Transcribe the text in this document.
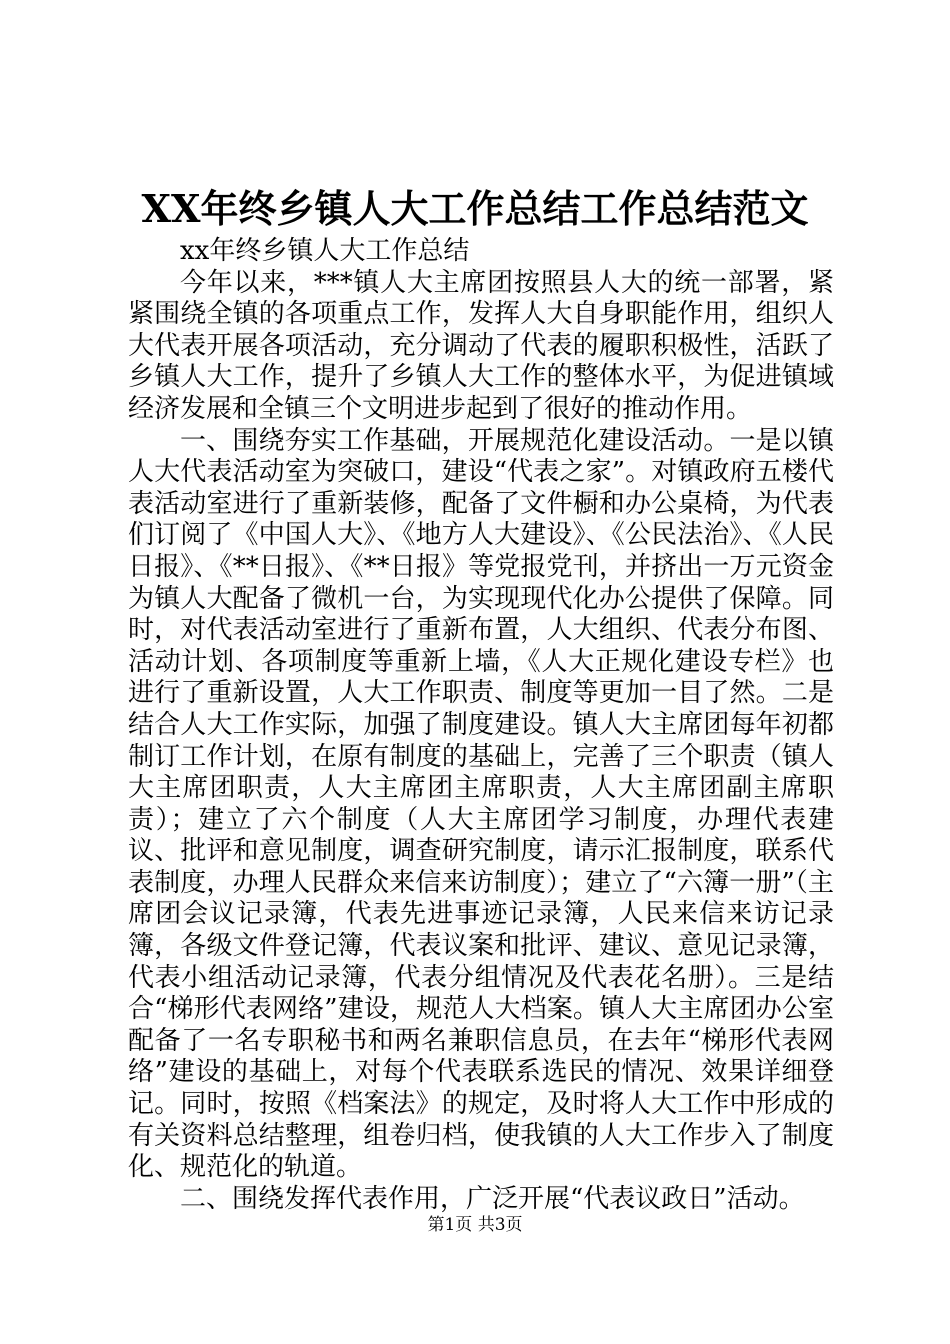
XX年终乡镇人大工作总结工作总结范文

xx年终乡镇人大工作总结

今年以来，***镇人大主席团按照县人大的统一部署，紧紧围绕全镇的各项重点工作，发挥人大自身职能作用，组织人大代表开展各项活动，充分调动了代表的履职积极性，活跃了乡镇人大工作，提升了乡镇人大工作的整体水平，为促进镇域经济发展和全镇三个文明进步起到了很好的推动作用。

一、围绕夯实工作基础，开展规范化建设活动。一是以镇人大代表活动室为突破口，建设“代表之家”。对镇政府五楼代表活动室进行了重新装修，配备了文件橱和办公桌椅，为代表们订阅了《中国人大》、《地方人大建设》、《公民法治》、《人民日报》、《**日报》、《**日报》等党报党刊，并挤出一万元资金为镇人大配备了微机一台，为实现现代化办公提供了保障。同时，对代表活动室进行了重新布置，人大组织、代表分布图、活动计划、各项制度等重新上墙，《人大正规化建设专栏》也进行了重新设置，人大工作职责、制度等更加一目了然。二是结合人大工作实际，加强了制度建设。镇人大主席团每年初都制订工作计划，在原有制度的基础上，完善了三个职责（镇人大主席团职责，人大主席团主席职责，人大主席团副主席职责）；建立了六个制度（人大主席团学习制度，办理代表建议、批评和意见制度，调查研究制度，请示汇报制度，联系代表制度，办理人民群众来信来访制度）；建立了“六簿一册”（主席团会议记录簿，代表先进事迹记录簿，人民来信来访记录簿，各级文件登记簿，代表议案和批评、建议、意见记录簿，代表小组活动记录簿，代表分组情况及代表花名册）。三是结合“梯形代表网络”建设，规范人大档案。镇人大主席团办公室配备了一名专职秘书和两名兼职信息员，在去年“梯形代表网络”建设的基础上，对每个代表联系选民的情况、效果详细登记。同时，按照《档案法》的规定，及时将人大工作中形成的有关资料总结整理，组卷归档，使我镇的人大工作步入了制度化、规范化的轨道。

二、围绕发挥代表作用，广泛开展“代表议政日”活动。

第1页 共3页
